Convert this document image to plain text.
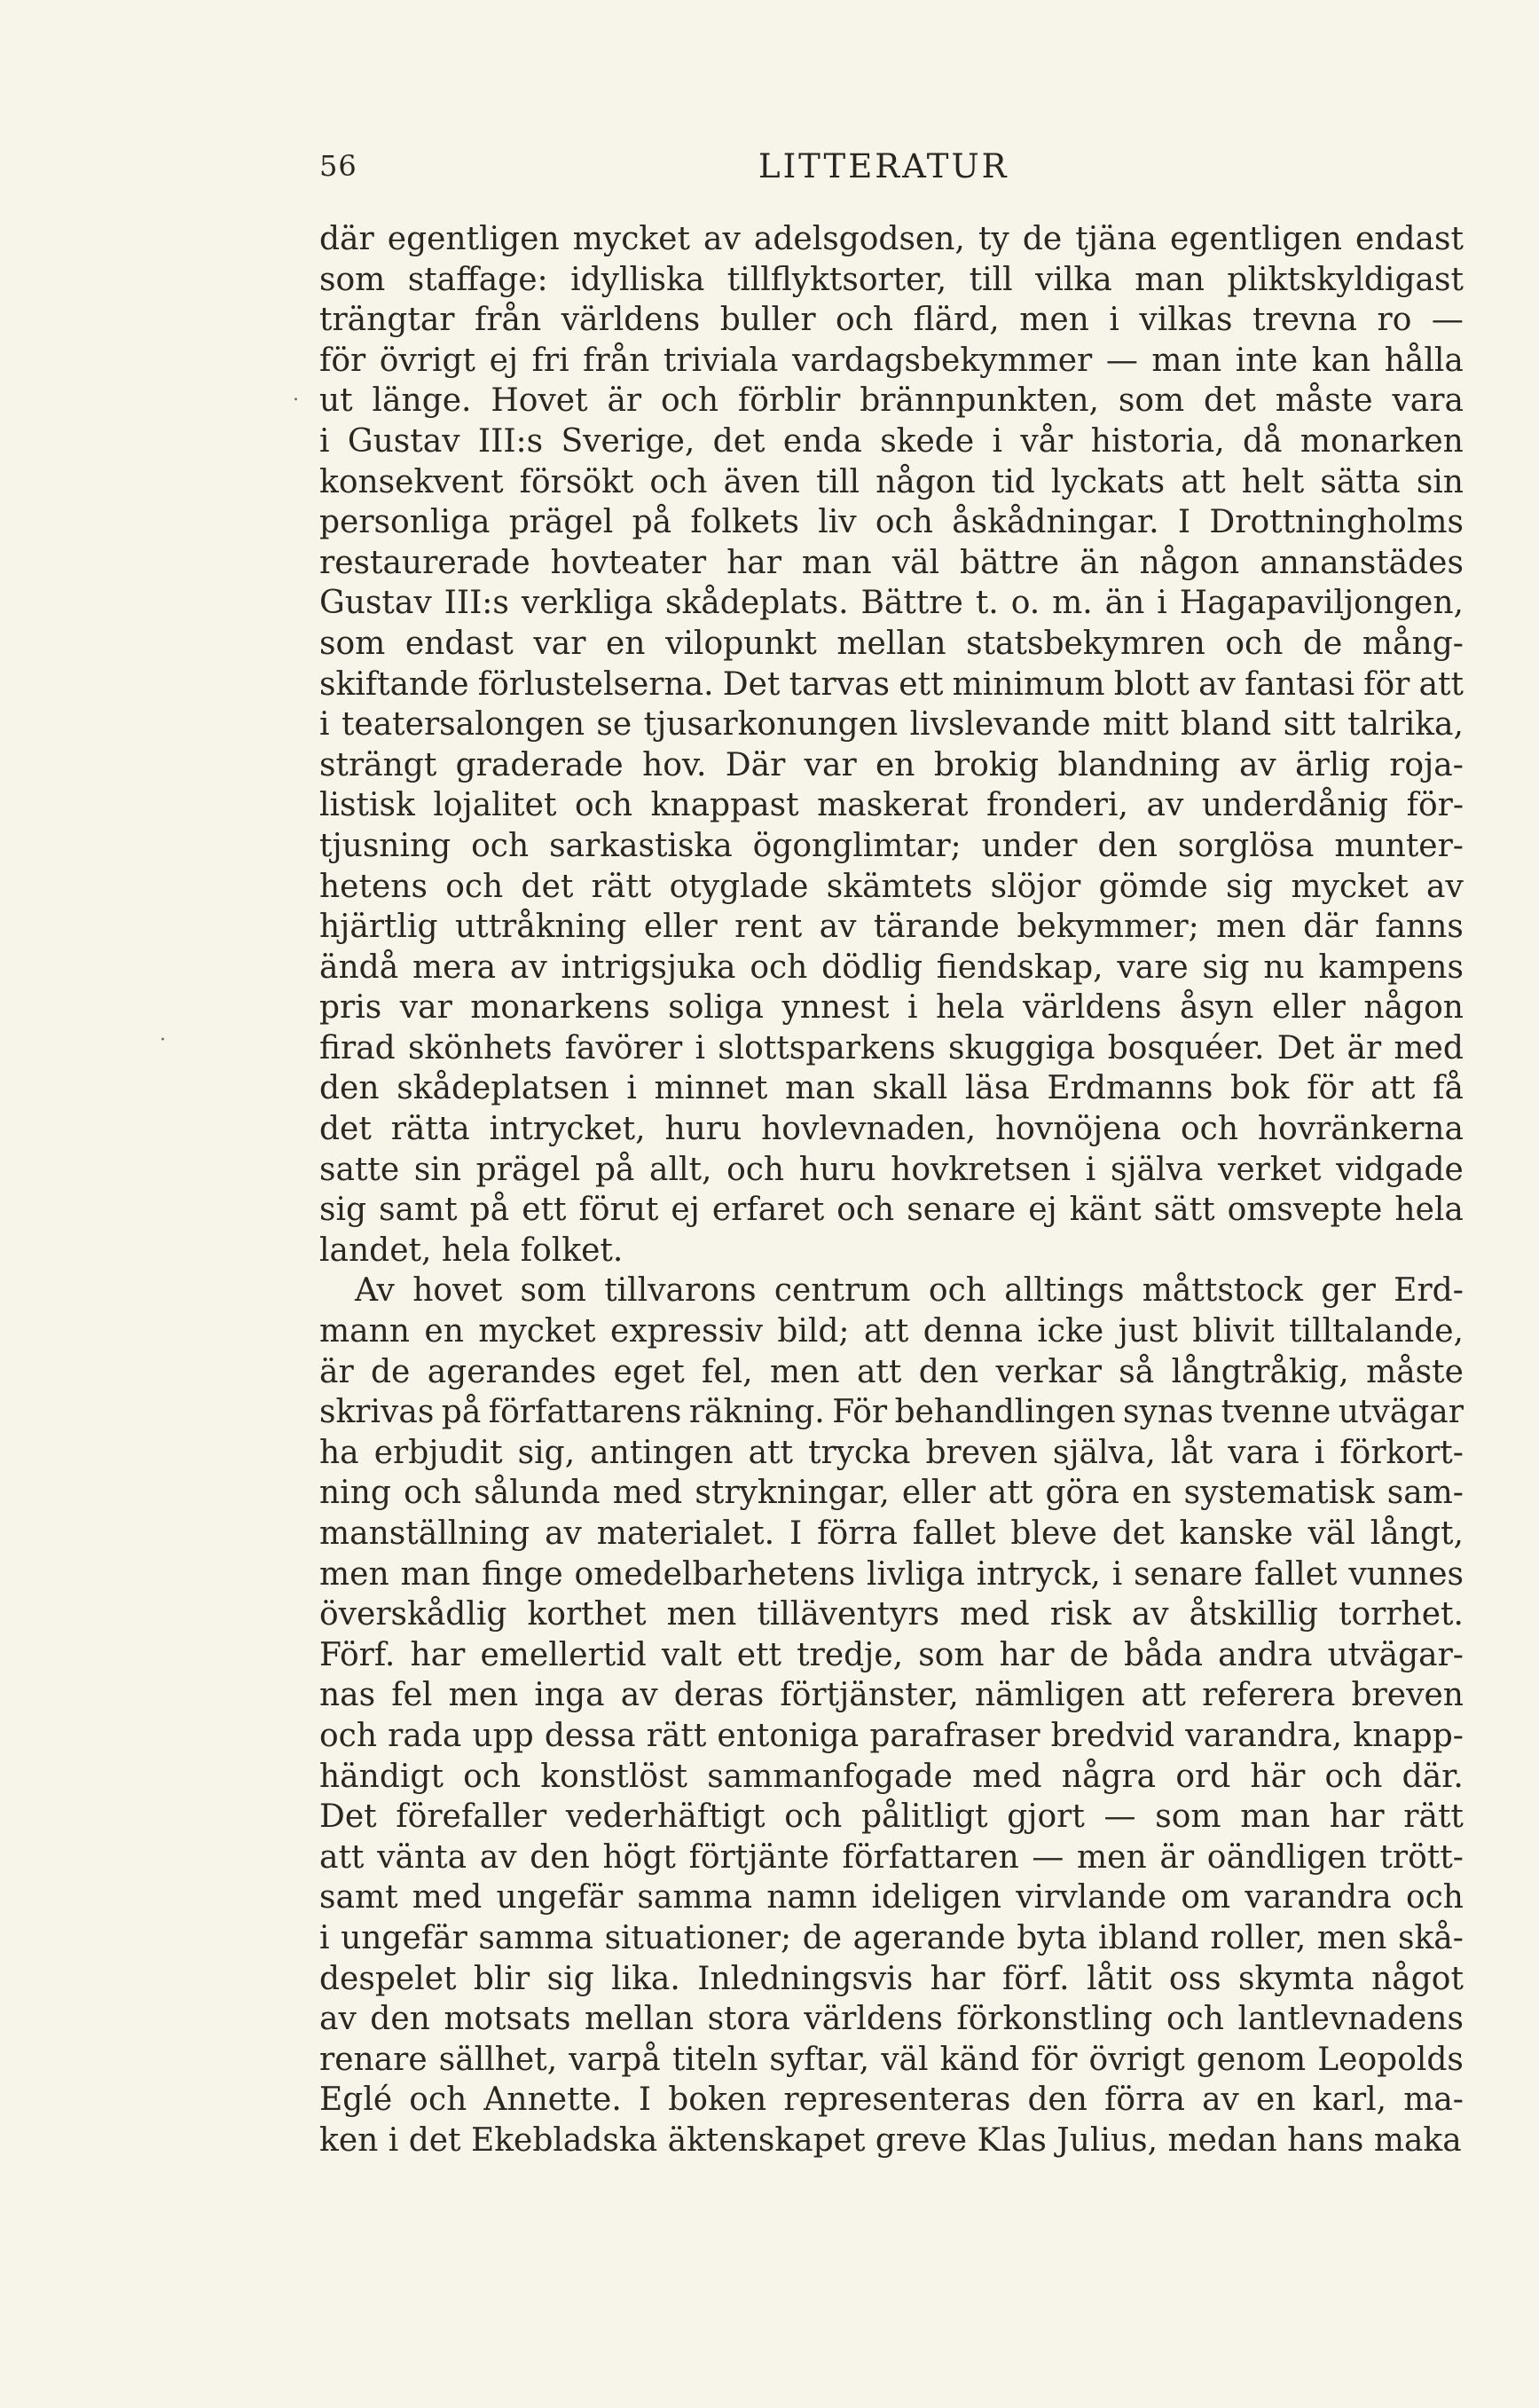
56	LITTERATUR
.
·
där egentligen mycket av adelsgodsen, ty de tjäna egentligen endast
som staffage: idylliska tillflyktsorter, till vilka man pliktskyldigast
trängtar från världens buller och flärd, men i vilkas trevna ro —
för övrigt ej fri från triviala vardagsbekymmer — man inte kan hålla
ut länge. Hovet är och förblir brännpunkten, som det måste vara
i Gustav III:s Sverige, det enda skede i vår historia, då monarken
konsekvent försökt och även till någon tid lyckats att helt sätta sin
personliga prägel på folkets liv och åskådningar. I Drottningholms
restaurerade hovteater har man väl bättre än någon annanstädes
Gustav III:s verkliga skådeplats. Bättre t. o. m. än i Hagapaviljongen,
som endast var en vilopunkt mellan statsbekymren och de mång-
skiftande förlustelserna. Det tarvas ett minimum blott av fantasi för att
i teatersalongen se tjusarkonungen livslevande mitt bland sitt talrika,
strängt graderade hov. Där var en brokig blandning av ärlig roja-
listisk lojalitet och knappast maskerat fronderi, av underdånig för-
tjusning och sarkastiska ögonglimtar; under den sorglösa munter-
hetens och det rätt otyglade skämtets slöjor gömde sig mycket av
hjärtlig uttråkning eller rent av tärande bekymmer; men där fanns
ändå mera av intrigsjuka och dödlig fiendskap, vare sig nu kampens
pris var monarkens soliga ynnest i hela världens åsyn eller någon
firad skönhets favörer i slottsparkens skuggiga bosquéer. Det är med
den skådeplatsen i minnet man skall läsa Erdmanns bok för att få
det rätta intrycket, huru hovlevnaden, hovnöjena och hovränkerna
satte sin prägel på allt, och huru hovkretsen i själva verket vidgade
sig samt på ett förut ej erfaret och senare ej känt sätt omsvepte hela
landet, hela folket.
Av hovet som tillvarons centrum och alltings måttstock ger Erd-
mann en mycket expressiv bild; att denna icke just blivit tilltalande,
är de agerandes eget fel, men att den verkar så långtråkig, måste
skrivas på författarens räkning. För behandlingen synas tvenne utvägar
ha erbjudit sig, antingen att trycka breven själva, låt vara i förkort-
ning och sålunda med strykningar, eller att göra en systematisk sam-
manställning av materialet. I förra fallet bleve det kanske väl långt,
men man finge omedelbarhetens livliga intryck, i senare fallet vunnes
överskådlig korthet men tilläventyrs med risk av åtskillig torrhet.
Förf. har emellertid valt ett tredje, som har de båda andra utvägar-
nas fel men inga av deras förtjänster, nämligen att referera breven
och rada upp dessa rätt entoniga parafraser bredvid varandra, knapp-
händigt och konstlöst sammanfogade med några ord här och där.
Det förefaller vederhäftigt och pålitligt gjort — som man har rätt
att vänta av den högt förtjänte författaren — men är oändligen trött-
samt med ungefär samma namn ideligen virvlande om varandra och
i ungefär samma situationer; de agerande byta ibland roller, men skå-
despelet blir sig lika. Inledningsvis har förf. låtit oss skymta något
av den motsats mellan stora världens förkonstling och lantlevnadens
renare sällhet, varpå titeln syftar, väl känd för övrigt genom Leopolds
Eglé och Annette. I boken representeras den förra av en karl, ma-
ken i det Ekebladska äktenskapet greve Klas Julius, medan hans maka
